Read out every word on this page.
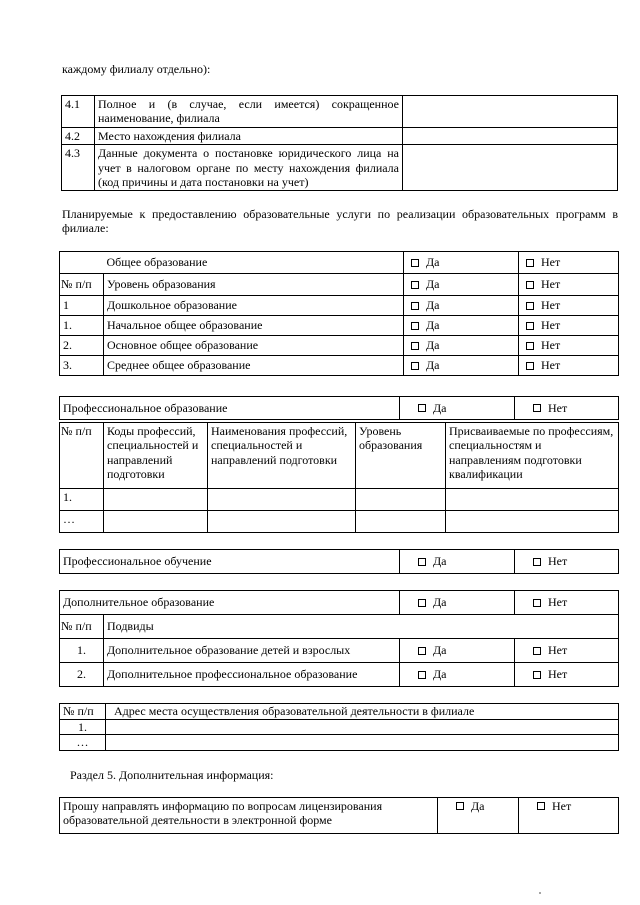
каждому филиалу отдельно):
4.1	Полное и (в случае, если имеется) сокращенное наименование, филиала	
4.2	Место нахождения филиала	
4.3	Данные документа о постановке юридического лица на учет в налоговом органе по месту нахождения филиала (код причины и дата постановки на учет)	

Планируемые к предоставлению образовательные услуги по реализации образовательных программ в филиале:

	Общее образование	Да	Нет
№ п/п	Уровень образования	Да	Нет
1	Дошкольное образование	Да	Нет
1.	Начальное общее образование	Да	Нет
2.	Основное общее образование	Да	Нет
3.	Среднее общее образование	Да	Нет
Профессиональное образование	Да	Нет
№ п/п	Коды профессий, специальностей и направлений подготовки	Наименования профессий, специальностей и направлений подготовки	Уровень образования	Присваиваемые по профессиям, специальностям и направлениям подготовки квалификации
1.				
…				
Профессиональное обучение	Да	Нет
Дополнительное образование		Да	Нет
№ п/п	Подвиды		
1.	Дополнительное образование детей и взрослых	Да	Нет
2.	Дополнительное профессиональное образование	Да	Нет
№ п/п	Адрес места осуществления образовательной деятельности в филиале
1.	
…	
Раздел 5. Дополнительная информация:
Прошу направлять информацию по вопросам лицензирования образовательной деятельности в электронной форме	Да	Нет
